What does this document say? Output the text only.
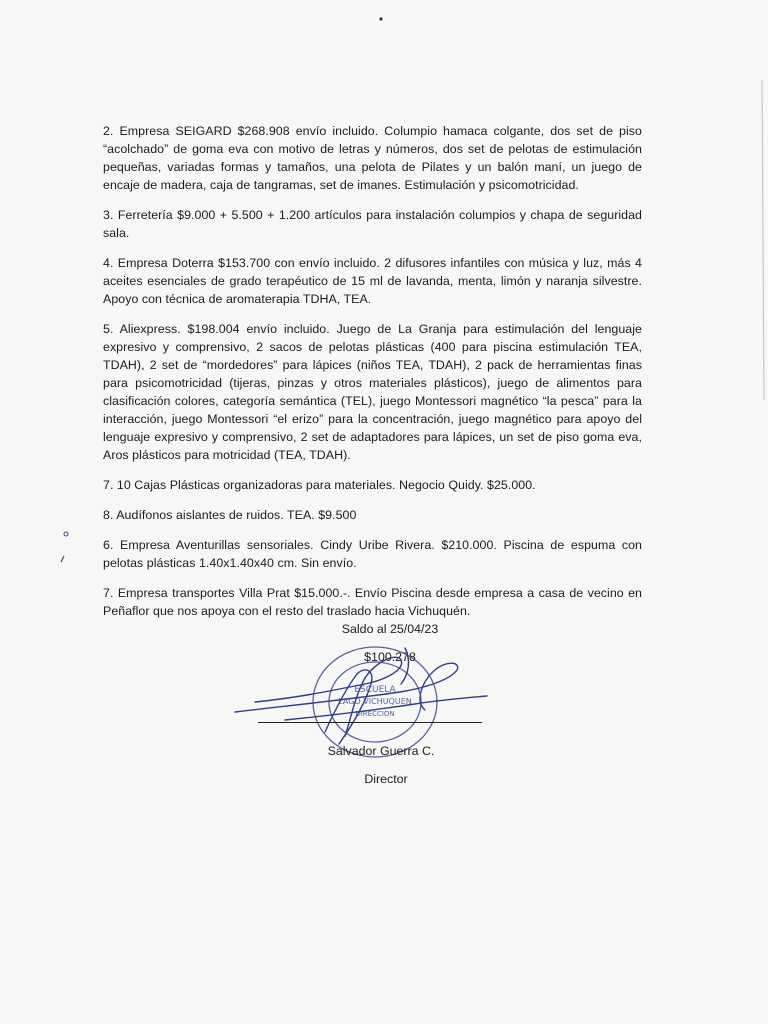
2. Empresa SEIGARD $268.908 envío incluido. Columpio hamaca colgante, dos set de piso “acolchado” de goma eva con motivo de letras y números, dos set de pelotas de estimulación pequeñas, variadas formas y tamaños, una pelota de Pilates y un balón maní, un juego de encaje de madera, caja de tangramas, set de imanes. Estimulación y psicomotricidad.

3. Ferretería $9.000 + 5.500 + 1.200 artículos para instalación columpios y chapa de seguridad sala.

4. Empresa Doterra $153.700 con envío incluido. 2 difusores infantiles con música y luz, más 4 aceites esenciales de grado terapéutico de 15 ml de lavanda, menta, limón y naranja silvestre. Apoyo con técnica de aromaterapia TDHA, TEA.

5. Aliexpress. $198.004 envío incluido. Juego de La Granja para estimulación del lenguaje expresivo y comprensivo, 2 sacos de pelotas plásticas (400 para piscina estimulación TEA, TDAH), 2 set de “mordedores” para lápices (niños TEA, TDAH), 2 pack de herramientas finas para psicomotricidad (tijeras, pinzas y otros materiales plásticos), juego de alimentos para clasificación colores, categoría semántica (TEL), juego Montessori magnético “la pesca” para la interacción, juego Montessori “el erizo” para la concentración, juego magnético para apoyo del lenguaje expresivo y comprensivo, 2 set de adaptadores para lápices, un set de piso goma eva, Aros plásticos para motricidad (TEA, TDAH).

7. 10 Cajas Plásticas organizadoras para materiales. Negocio Quidy. $25.000.

8. Audífonos aislantes de ruidos. TEA. $9.500

6. Empresa Aventurillas sensoriales. Cindy Uribe Rivera. $210.000. Piscina de espuma con pelotas plásticas 1.40x1.40x40 cm. Sin envío.

7. Empresa transportes Villa Prat $15.000.-. Envío Piscina desde empresa a casa de vecino en Peñaflor que nos apoya con el resto del traslado hacia Vichuquén.

Saldo al 25/04/23
$100.278
ESCUELA
LAGO VICHUQUEN
DIRECCION
Salvador Guerra C.
Director
